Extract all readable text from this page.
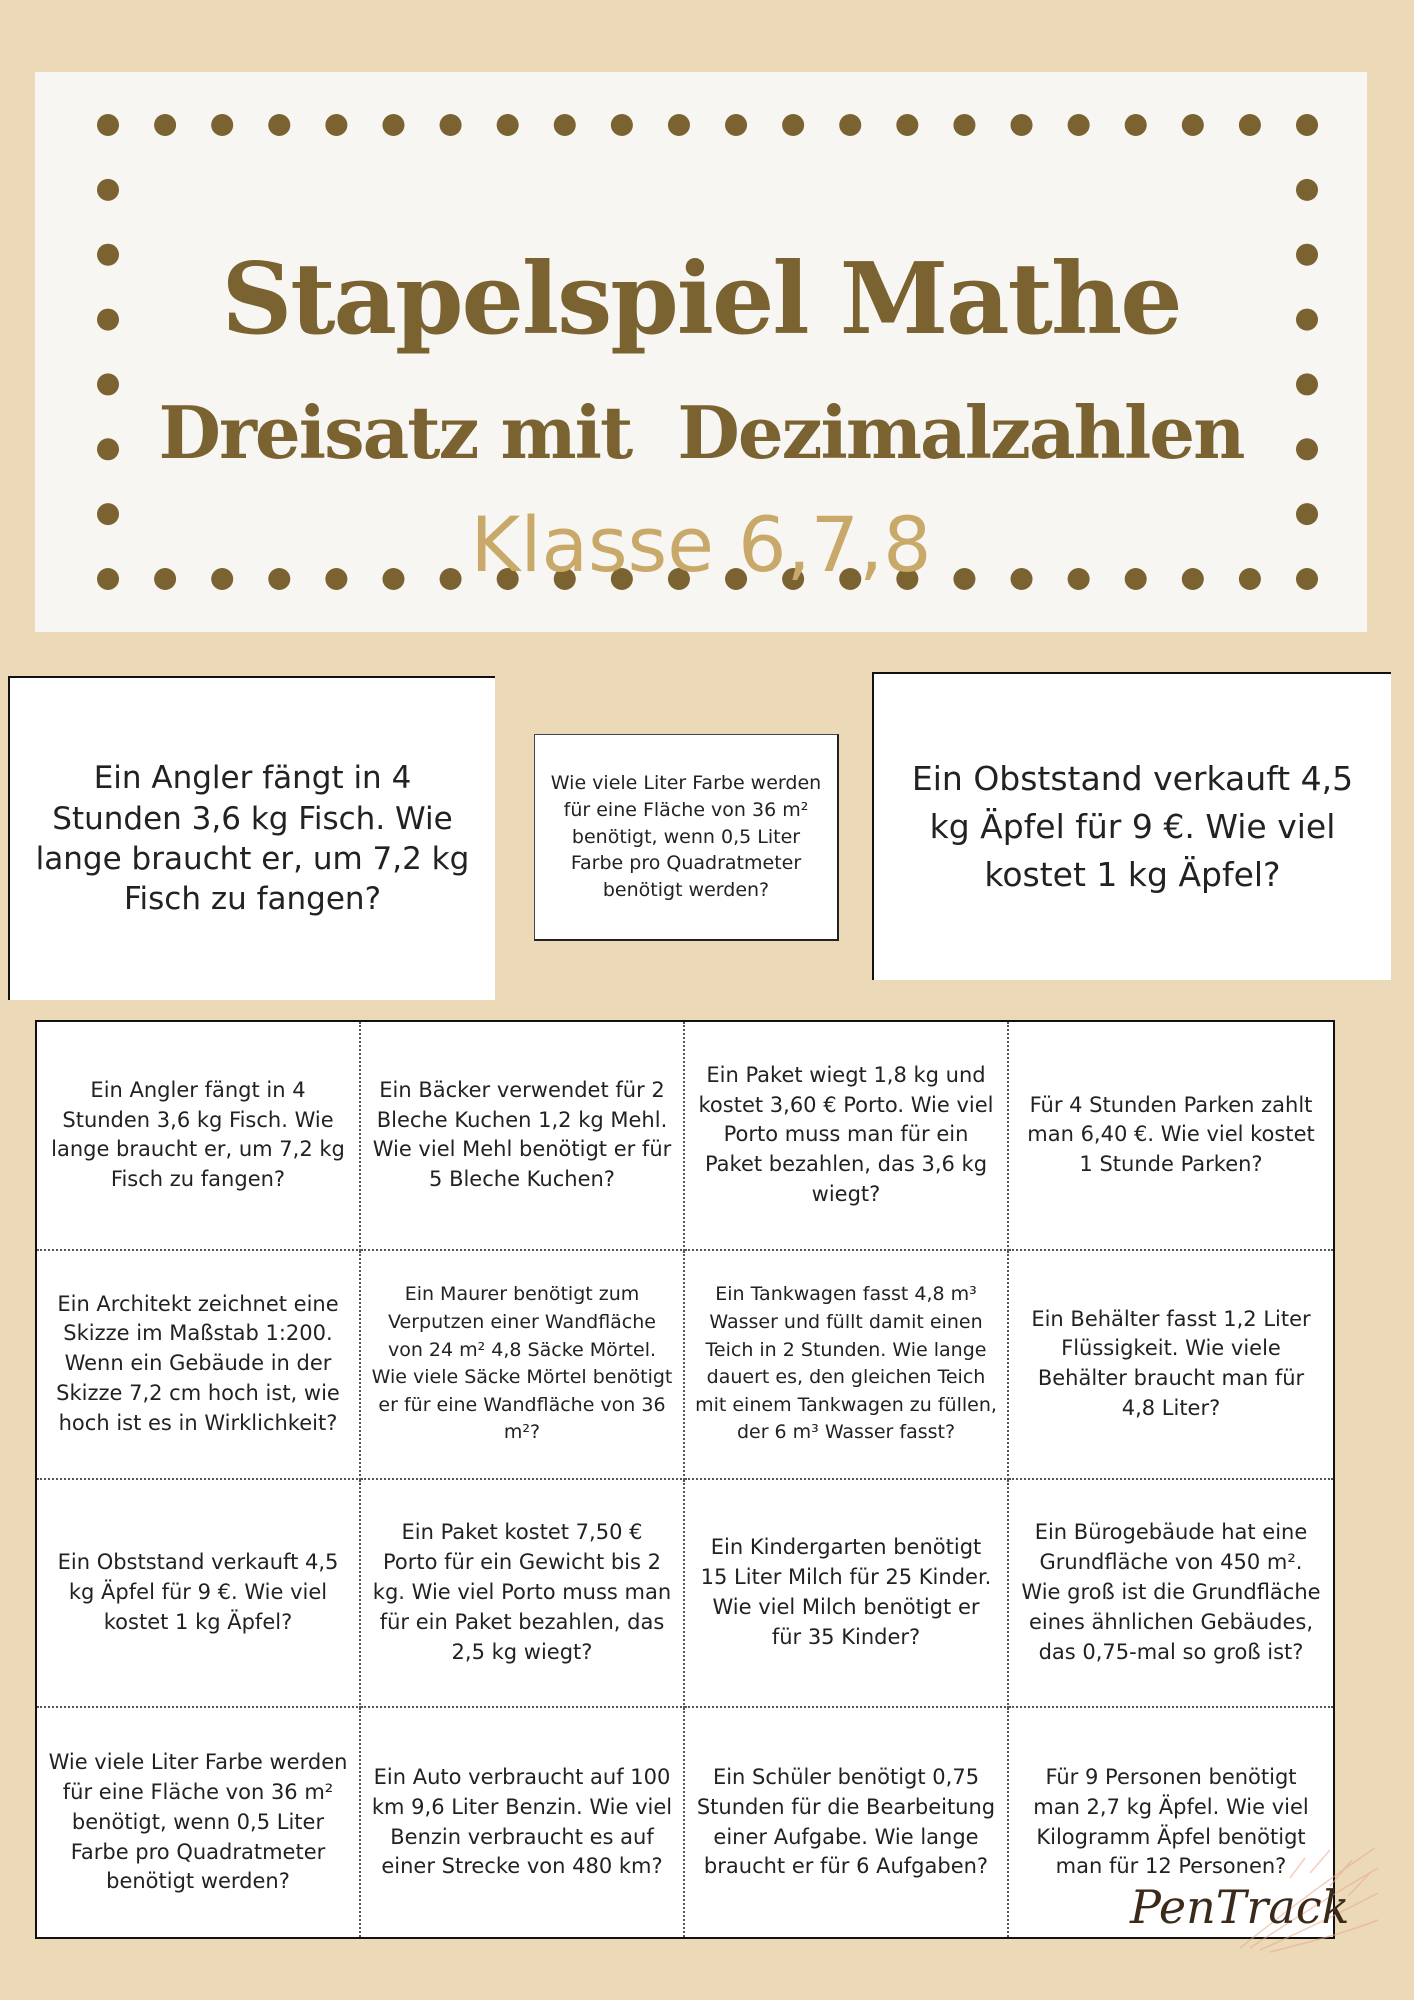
Stapelspiel Mathe
Dreisatz mit  Dezimalzahlen
Klasse 6,7,8
Ein Angler fängt in 4 Stunden 3,6 kg Fisch. Wie lange braucht er, um 7,2 kg Fisch zu fangen?
Wie viele Liter Farbe werden für eine Fläche von 36 m² benötigt, wenn 0,5 Liter Farbe pro Quadratmeter benötigt werden?
Ein Obststand verkauft 4,5 kg Äpfel für 9 €. Wie viel kostet 1 kg Äpfel?
Ein Angler fängt in 4 Stunden 3,6 kg Fisch. Wie lange braucht er, um 7,2 kg Fisch zu fangen?
Ein Bäcker verwendet für 2 Bleche Kuchen 1,2 kg Mehl. Wie viel Mehl benötigt er für 5 Bleche Kuchen?
Ein Paket wiegt 1,8 kg und kostet 3,60 € Porto. Wie viel Porto muss man für ein Paket bezahlen, das 3,6 kg wiegt?
Für 4 Stunden Parken zahlt man 6,40 €. Wie viel kostet 1 Stunde Parken?
Ein Architekt zeichnet eine Skizze im Maßstab 1:200. Wenn ein Gebäude in der Skizze 7,2 cm hoch ist, wie hoch ist es in Wirklichkeit?
Ein Maurer benötigt zum Verputzen einer Wandfläche von 24 m² 4,8 Säcke Mörtel. Wie viele Säcke Mörtel benötigt er für eine Wandfläche von 36 m²?
Ein Tankwagen fasst 4,8 m³ Wasser und füllt damit einen Teich in 2 Stunden. Wie lange dauert es, den gleichen Teich mit einem Tankwagen zu füllen, der 6 m³ Wasser fasst?
Ein Behälter fasst 1,2 Liter Flüssigkeit. Wie viele Behälter braucht man für 4,8 Liter?
Ein Obststand verkauft 4,5 kg Äpfel für 9 €. Wie viel kostet 1 kg Äpfel?
Ein Paket kostet 7,50 € Porto für ein Gewicht bis 2 kg. Wie viel Porto muss man für ein Paket bezahlen, das 2,5 kg wiegt?
Ein Kindergarten benötigt 15 Liter Milch für 25 Kinder. Wie viel Milch benötigt er für 35 Kinder?
Ein Bürogebäude hat eine Grundfläche von 450 m². Wie groß ist die Grundfläche eines ähnlichen Gebäudes, das 0,75-mal so groß ist?
Wie viele Liter Farbe werden für eine Fläche von 36 m² benötigt, wenn 0,5 Liter Farbe pro Quadratmeter benötigt werden?
Ein Auto verbraucht auf 100 km 9,6 Liter Benzin. Wie viel Benzin verbraucht es auf einer Strecke von 480 km?
Ein Schüler benötigt 0,75 Stunden für die Bearbeitung einer Aufgabe. Wie lange braucht er für 6 Aufgaben?
Für 9 Personen benötigt man 2,7 kg Äpfel. Wie viel Kilogramm Äpfel benötigt man für 12 Personen?
PenTrack
